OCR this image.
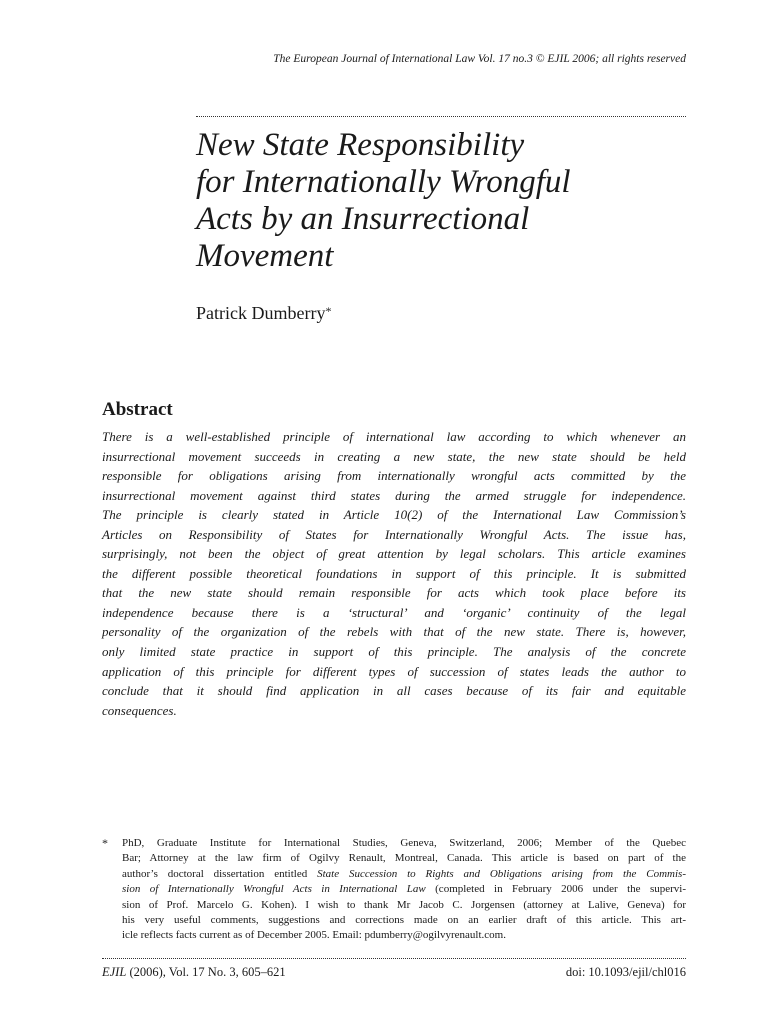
The European Journal of International Law Vol. 17 no.3 © EJIL 2006; all rights reserved
New State Responsibility
for Internationally Wrongful
Acts by an Insurrectional
Movement
Patrick Dumberry*
Abstract
There is a well-established principle of international law according to which whenever an
insurrectional movement succeeds in creating a new state, the new state should be held
responsible for obligations arising from internationally wrongful acts committed by the
insurrectional movement against third states during the armed struggle for independence.
The principle is clearly stated in Article 10(2) of the International Law Commission’s
Articles on Responsibility of States for Internationally Wrongful Acts. The issue has,
surprisingly, not been the object of great attention by legal scholars. This article examines
the different possible theoretical foundations in support of this principle. It is submitted
that the new state should remain responsible for acts which took place before its
independence because there is a ‘structural’ and ‘organic’ continuity of the legal
personality of the organization of the rebels with that of the new state. There is, however,
only limited state practice in support of this principle. The analysis of the concrete
application of this principle for different types of succession of states leads the author to
conclude that it should find application in all cases because of its fair and equitable
consequences.
* PhD, Graduate Institute for International Studies, Geneva, Switzerland, 2006; Member of the Quebec
Bar; Attorney at the law firm of Ogilvy Renault, Montreal, Canada. This article is based on part of the
author’s doctoral dissertation entitled State Succession to Rights and Obligations arising from the Commis-
sion of Internationally Wrongful Acts in International Law (completed in February 2006 under the supervi-
sion of Prof. Marcelo G. Kohen). I wish to thank Mr Jacob C. Jorgensen (attorney at Lalive, Geneva) for
his very useful comments, suggestions and corrections made on an earlier draft of this article. This art-
icle reflects facts current as of December 2005. Email: pdumberry@ogilvyrenault.com.
EJIL (2006), Vol. 17 No. 3, 605–621	doi: 10.1093/ejil/chl016
